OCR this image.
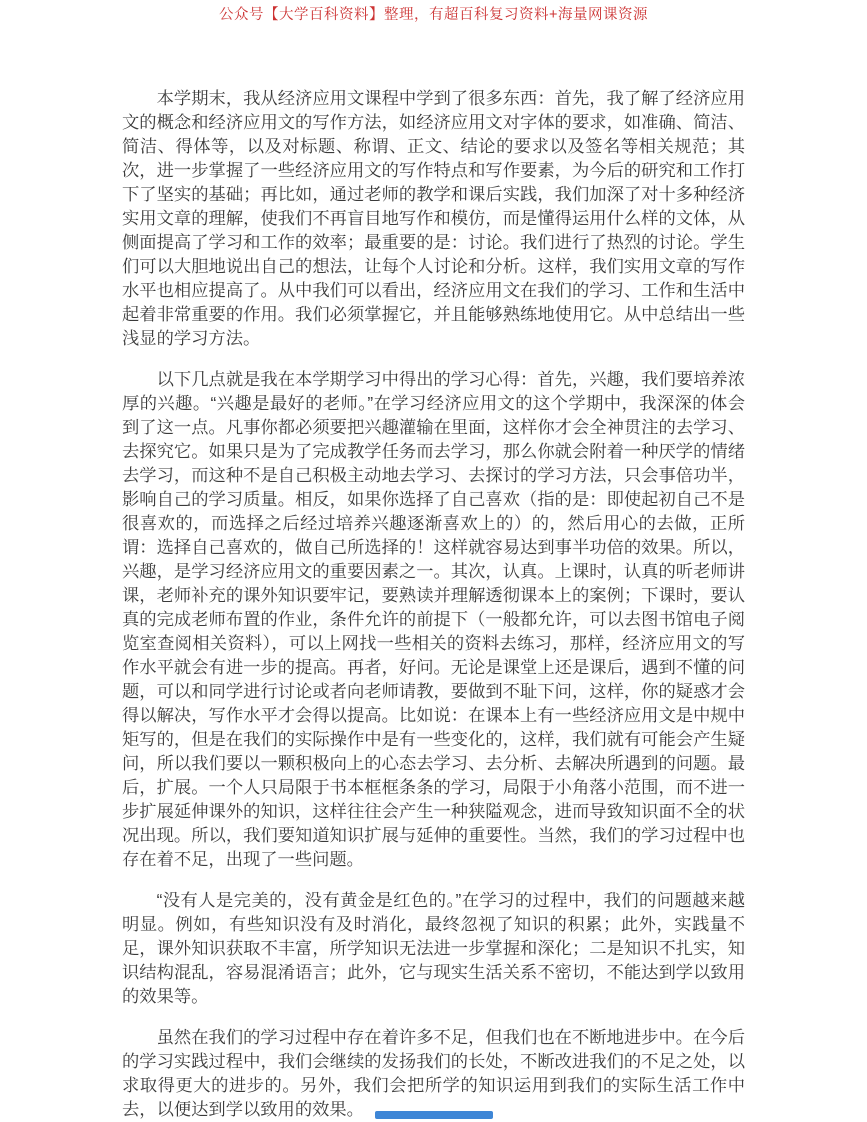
公众号【大学百科资料】整理，有超百科复习资料+海量网课资源

本学期末，我从经济应用文课程中学到了很多东西：首先，我了解了经济应用文的概念和经济应用文的写作方法，如经济应用文对字体的要求，如准确、简洁、简洁、得体等，以及对标题、称谓、正文、结论的要求以及签名等相关规范；其次，进一步掌握了一些经济应用文的写作特点和写作要素，为今后的研究和工作打下了坚实的基础；再比如，通过老师的教学和课后实践，我们加深了对十多种经济实用文章的理解，使我们不再盲目地写作和模仿，而是懂得运用什么样的文体，从侧面提高了学习和工作的效率；最重要的是：讨论。我们进行了热烈的讨论。学生们可以大胆地说出自己的想法，让每个人讨论和分析。这样，我们实用文章的写作水平也相应提高了。从中我们可以看出，经济应用文在我们的学习、工作和生活中起着非常重要的作用。我们必须掌握它，并且能够熟练地使用它。从中总结出一些浅显的学习方法。

以下几点就是我在本学期学习中得出的学习心得：首先，兴趣，我们要培养浓厚的兴趣。“兴趣是最好的老师。”在学习经济应用文的这个学期中，我深深的体会到了这一点。凡事你都必须要把兴趣灌输在里面，这样你才会全神贯注的去学习、去探究它。如果只是为了完成教学任务而去学习，那么你就会附着一种厌学的情绪去学习，而这种不是自己积极主动地去学习、去探讨的学习方法，只会事倍功半，影响自己的学习质量。相反，如果你选择了自己喜欢（指的是：即使起初自己不是很喜欢的，而选择之后经过培养兴趣逐渐喜欢上的）的，然后用心的去做，正所谓：选择自己喜欢的，做自己所选择的！这样就容易达到事半功倍的效果。所以，兴趣，是学习经济应用文的重要因素之一。其次，认真。上课时，认真的听老师讲课，老师补充的课外知识要牢记，要熟读并理解透彻课本上的案例；下课时，要认真的完成老师布置的作业，条件允许的前提下（一般都允许，可以去图书馆电子阅览室查阅相关资料），可以上网找一些相关的资料去练习，那样，经济应用文的写作水平就会有进一步的提高。再者，好问。无论是课堂上还是课后，遇到不懂的问题，可以和同学进行讨论或者向老师请教，要做到不耻下问，这样，你的疑惑才会得以解决，写作水平才会得以提高。比如说：在课本上有一些经济应用文是中规中矩写的，但是在我们的实际操作中是有一些变化的，这样，我们就有可能会产生疑问，所以我们要以一颗积极向上的心态去学习、去分析、去解决所遇到的问题。最后，扩展。一个人只局限于书本框框条条的学习，局限于小角落小范围，而不进一步扩展延伸课外的知识，这样往往会产生一种狭隘观念，进而导致知识面不全的状况出现。所以，我们要知道知识扩展与延伸的重要性。当然，我们的学习过程中也存在着不足，出现了一些问题。

“没有人是完美的，没有黄金是红色的。”在学习的过程中，我们的问题越来越明显。例如，有些知识没有及时消化，最终忽视了知识的积累；此外，实践量不足，课外知识获取不丰富，所学知识无法进一步掌握和深化；二是知识不扎实，知识结构混乱，容易混淆语言；此外，它与现实生活关系不密切，不能达到学以致用的效果等。

虽然在我们的学习过程中存在着许多不足，但我们也在不断地进步中。在今后的学习实践过程中，我们会继续的发扬我们的长处，不断改进我们的不足之处，以求取得更大的进步的。另外，我们会把所学的知识运用到我们的实际生活工作中去，以便达到学以致用的效果。
